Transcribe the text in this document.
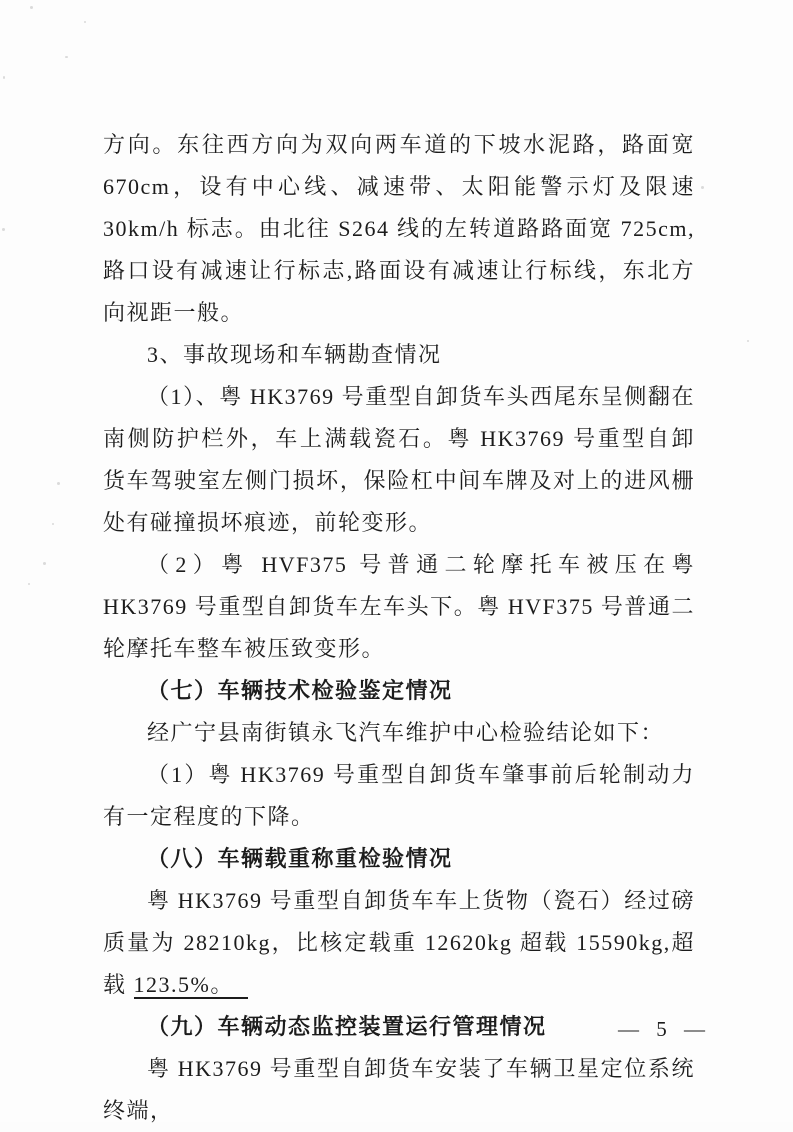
方向。东往西方向为双向两车道的下坡水泥路，路面宽 670cm，设有中心线、减速带、太阳能警示灯及限速 30km/h 标志。由北往 S264 线的左转道路路面宽 725cm,路口设有减速让行标志,路面设有减速让行标线，东北方向视距一般。

3、事故现场和车辆勘查情况

（1）、粤 HK3769 号重型自卸货车头西尾东呈侧翻在南侧防护栏外，车上满载瓷石。粤 HK3769 号重型自卸货车驾驶室左侧门损坏，保险杠中间车牌及对上的进风栅处有碰撞损坏痕迹，前轮变形。

（2）粤 HVF375 号普通二轮摩托车被压在粤 HK3769 号重型自卸货车左车头下。粤 HVF375 号普通二轮摩托车整车被压致变形。

（七）车辆技术检验鉴定情况

经广宁县南街镇永飞汽车维护中心检验结论如下：

（1）粤 HK3769 号重型自卸货车肇事前后轮制动力有一定程度的下降。

（八）车辆载重称重检验情况

粤 HK3769 号重型自卸货车车上货物（瓷石）经过磅质量为 28210kg，比核定载重 12620kg 超载 15590kg,超载 123.5%。

（九）车辆动态监控装置运行管理情况

粤 HK3769 号重型自卸货车安装了车辆卫星定位系统终端，

— 5 —
